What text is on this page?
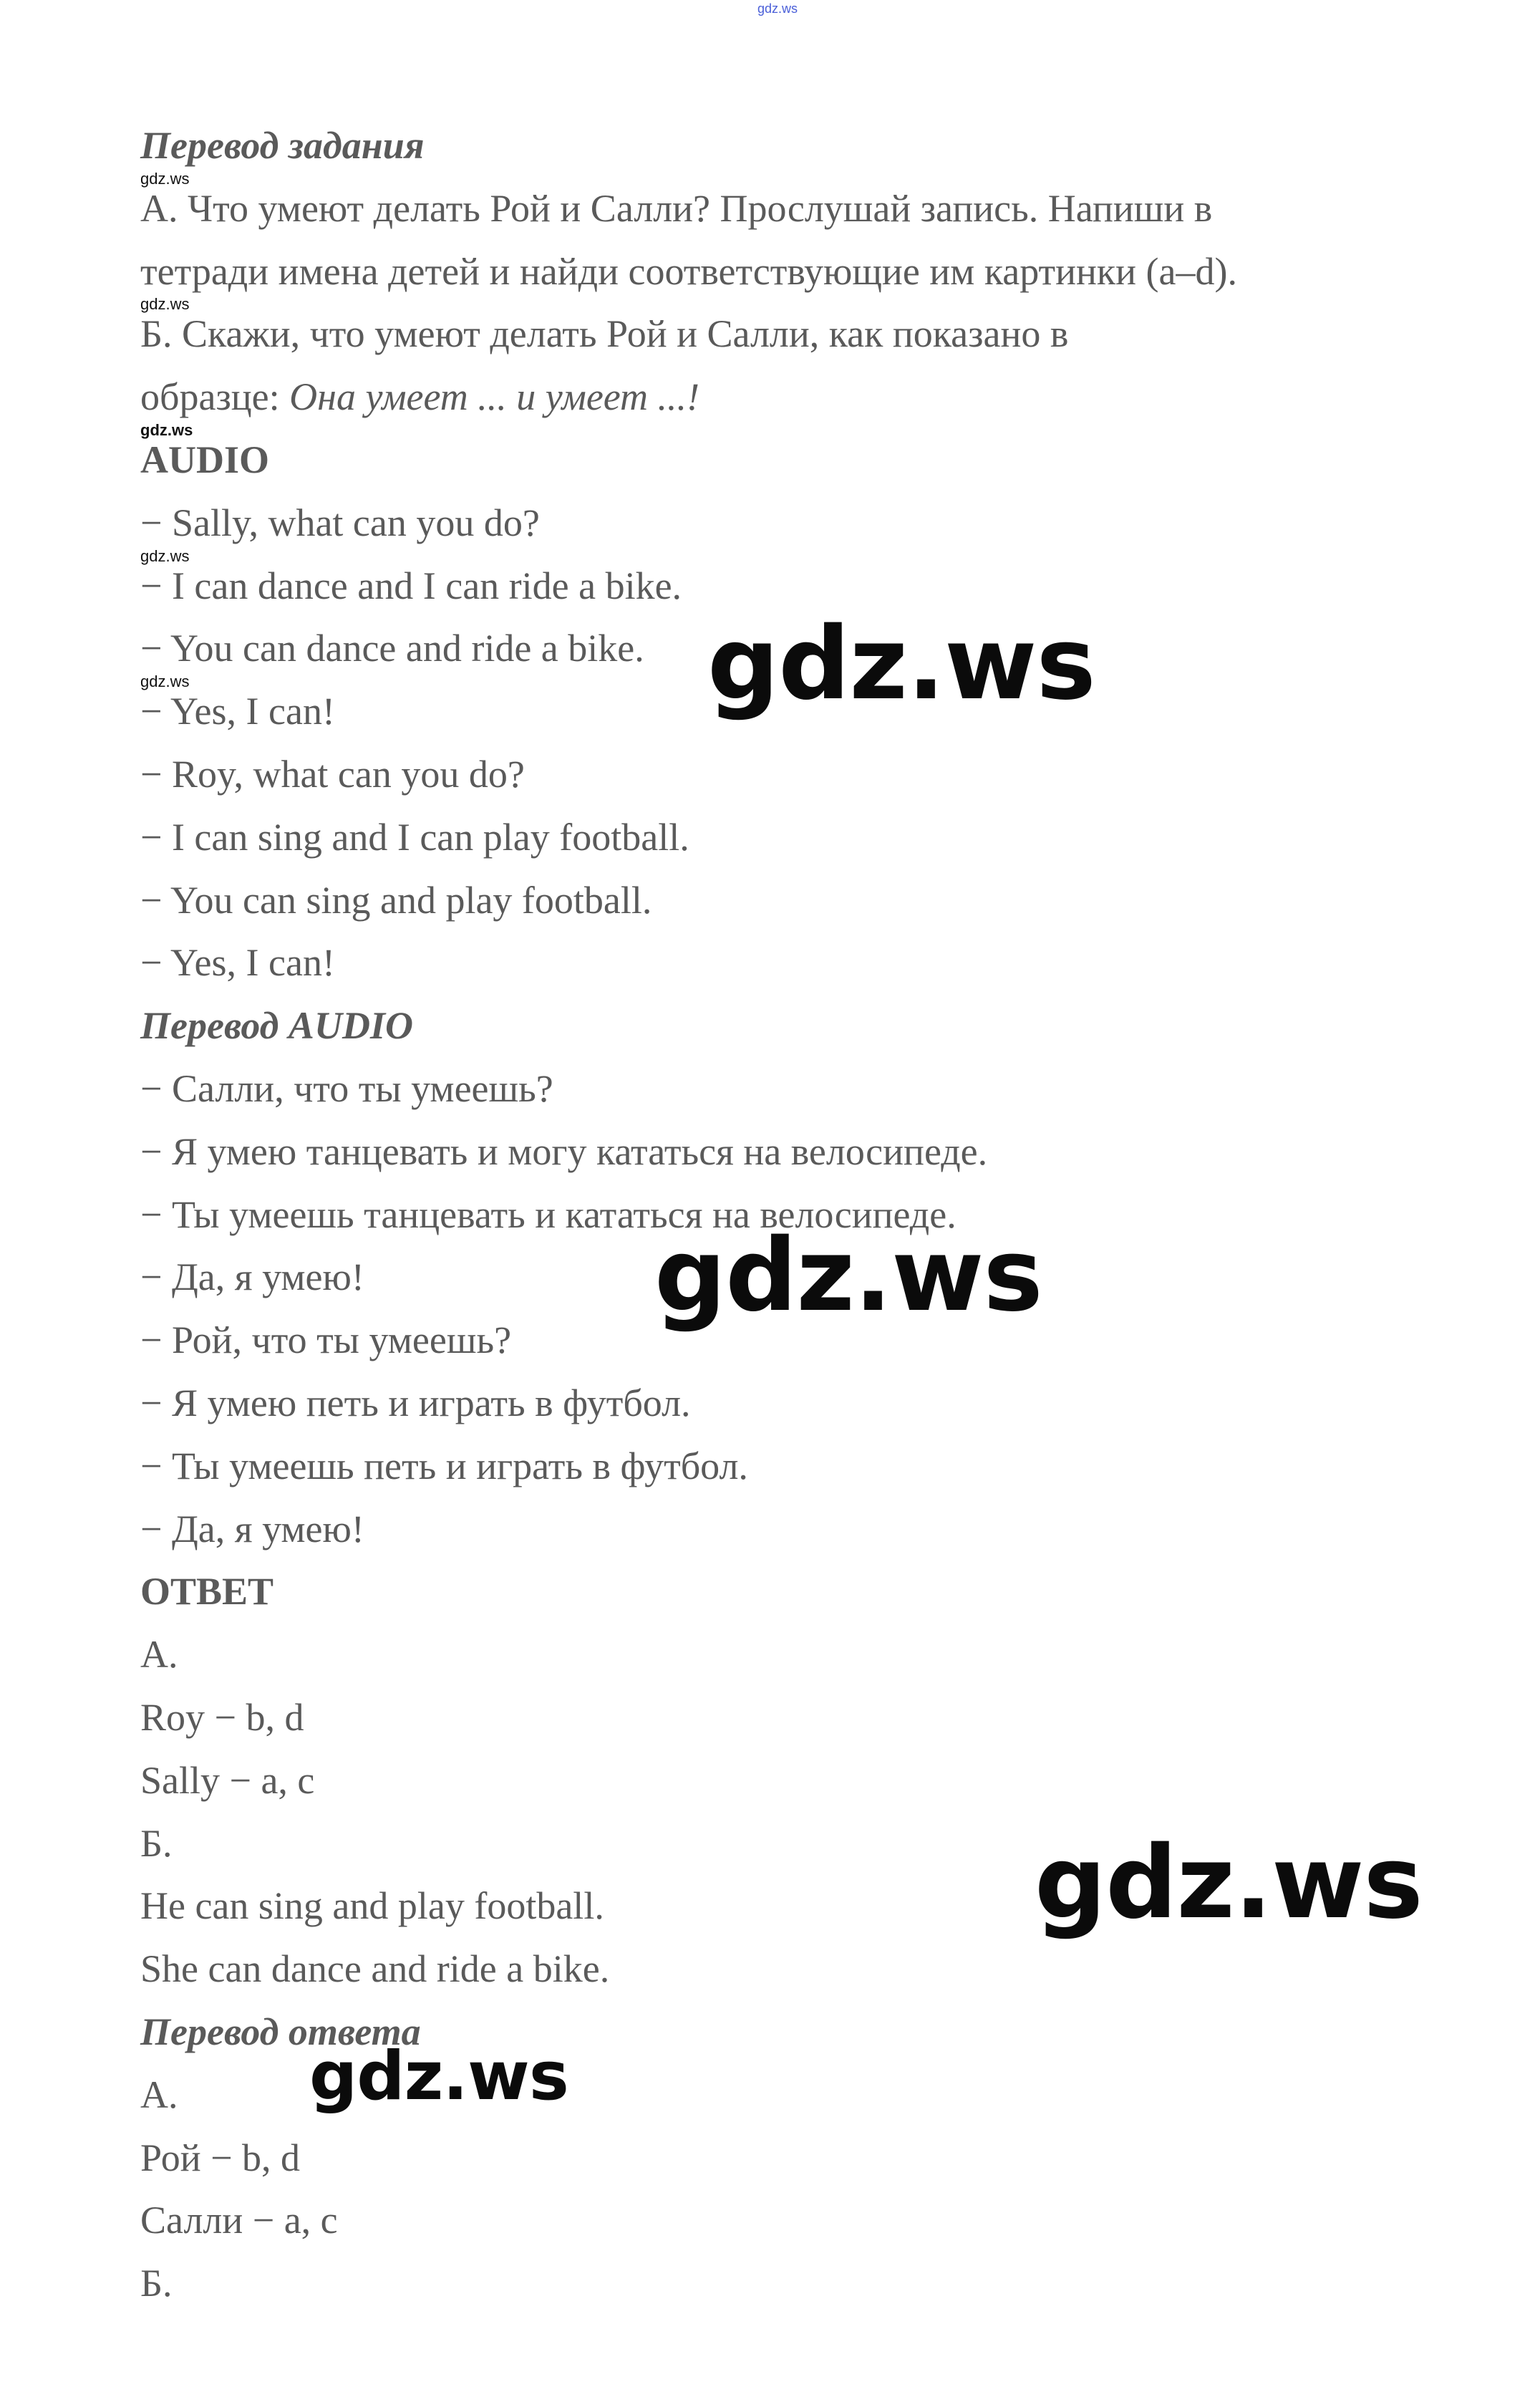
gdz.ws
Перевод задания
gdz.ws
А. Что умеют делать Рой и Салли? Прослушай запись. Напиши в
тетради имена детей и найди соответствующие им картинки (a–d).
gdz.ws
Б. Скажи, что умеют делать Рой и Салли, как показано в
образце: Она умеет ... и умеет ...!
gdz.ws
AUDIO
− Sally, what can you do?
gdz.ws
− I can dance and I can ride a bike.
− You can dance and ride a bike.
gdz.ws
− Yes, I can!
− Roy, what can you do?
− I can sing and I can play football.
− You can sing and play football.
− Yes, I can!
Перевод AUDIO
− Салли, что ты умеешь?
− Я умею танцевать и могу кататься на велосипеде.
− Ты умеешь танцевать и кататься на велосипеде.
− Да, я умею!
− Рой, что ты умеешь?
− Я умею петь и играть в футбол.
− Ты умеешь петь и играть в футбол.
− Да, я умею!
ОТВЕТ
А.
Roy − b, d
Sally − a, c
Б.
He can sing and play football.
She can dance and ride a bike.
Перевод ответа
А.
Рой − b, d
Салли − a, c
Б.
gdz.ws
gdz.ws
gdz.ws
gdz.ws
